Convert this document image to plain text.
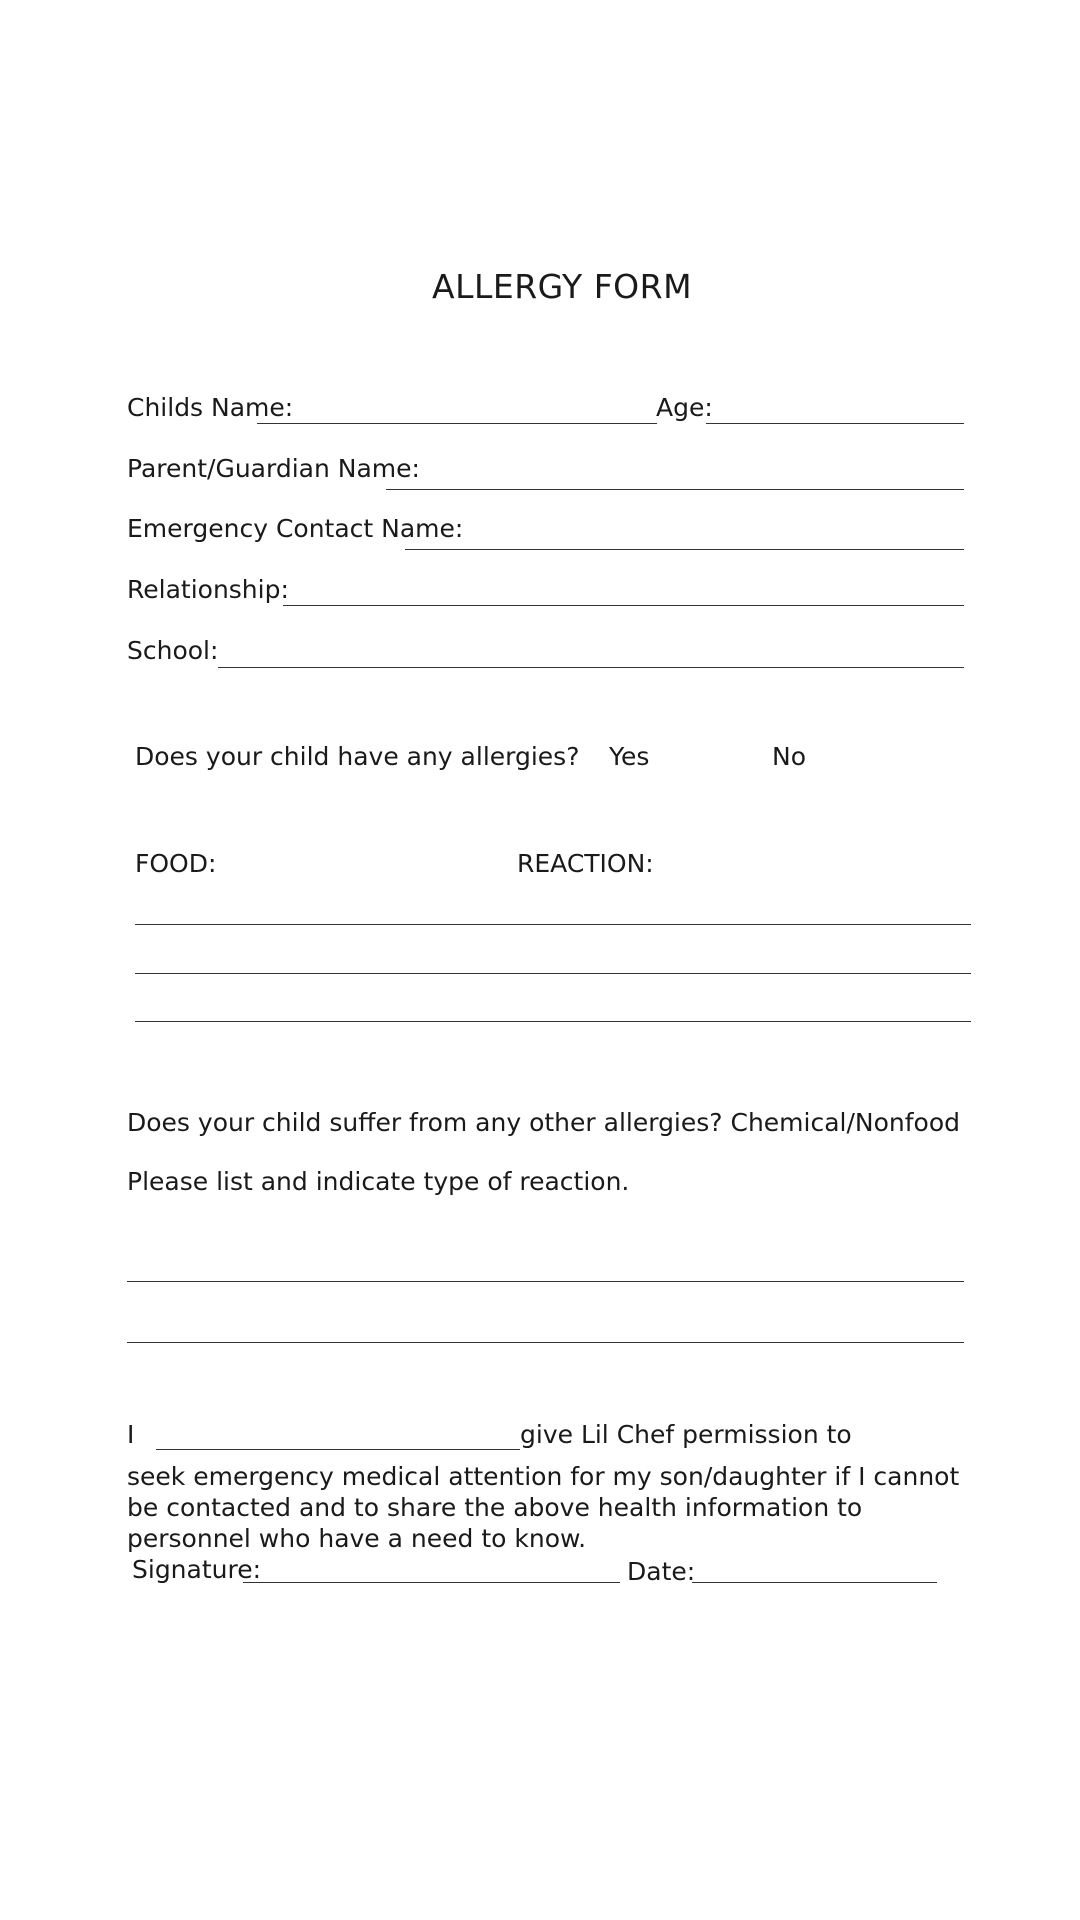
ALLERGY FORM
Childs Name:	Age:
Parent/Guardian Name:
Emergency Contact Name:
Relationship:
School:
Does your child have any allergies? Yes	No
FOOD:	REACTION:
Does your child suffer from any other allergies? Chemical/Nonfood
Please list and indicate type of reaction.
I	give Lil Chef permission to
seek emergency medical attention for my son/daughter if I cannot be contacted and to share the above health information to personnel who have a need to know.
Signature:	Date:
